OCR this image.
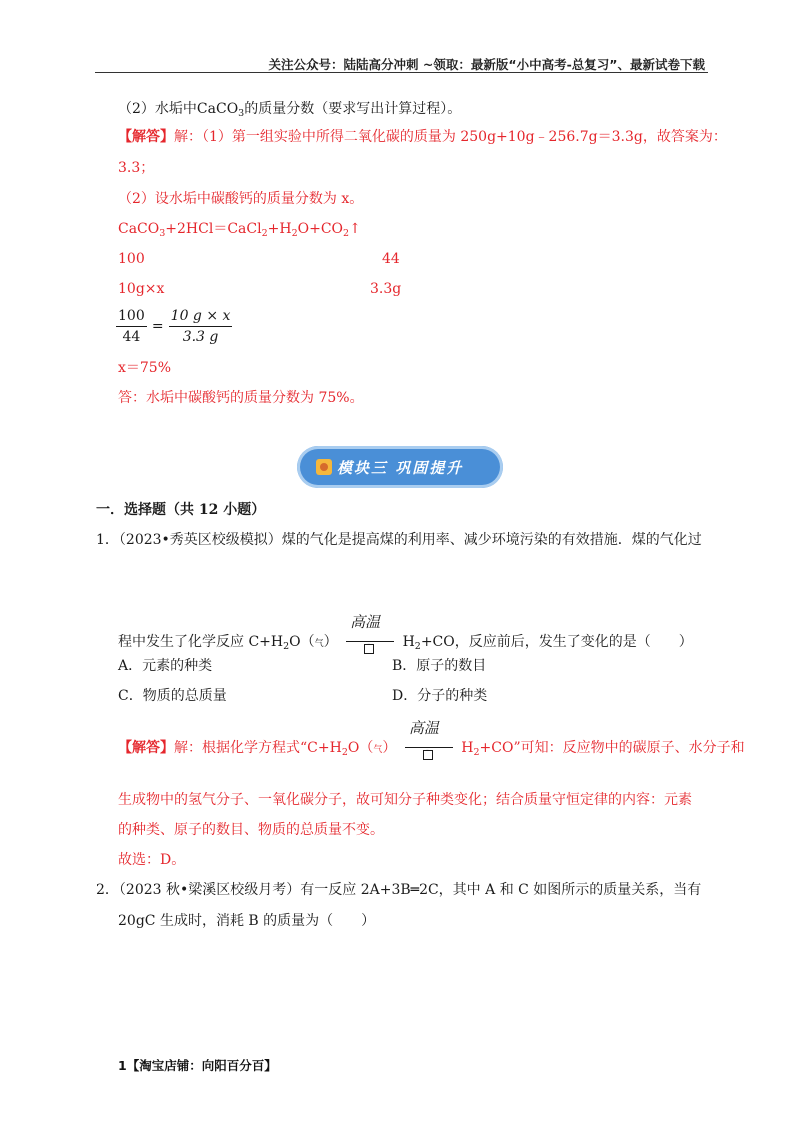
关注公众号：陆陆高分冲刺 ~领取：最新版“小中高考-总复习”、最新试卷下载
（2）水垢中CaCO$_3$的质量分数（要求写出计算过程）。
【解答】解：（1）第一组实验中所得二氧化碳的质量为 250g+10g﹣256.7g＝3.3g，故答案为：
3.3；
（2）设水垢中碳酸钙的质量分数为 x。
$CaCO_3+2HCl=CaCl_2+H_2O+CO_2↑$
100	44
10g×x	3.3g
$\frac{100}{44} = \frac{10 g \times x}{3.3 g}$
x＝75%
答：水垢中碳酸钙的质量分数为 75%。
模块三 巩固提升
一．选择题（共 12 小题）
1．（2023•秀英区校级模拟）煤的气化是提高煤的利用率、减少环境污染的有效措施．煤的气化过
程中发生了化学反应 $C+H_2O$（气）
高温
- $H_2+CO$，反应前后，发生了变化的是（　　）
A．元素的种类	B．原子的数目
C．物质的总质量	D．分子的种类
【解答】解：根据化学方程式“$C+H_2O$（气）
高温
- $H_2+CO$”可知：反应物中的碳原子、水分子和
生成物中的氢气分子、一氧化碳分子，故可知分子种类变化；结合质量守恒定律的内容：元素
的种类、原子的数目、物质的总质量不变。
故选：D。
2．（2023 秋•梁溪区校级月考）有一反应 2A+3B═2C，其中 A 和 C 如图所示的质量关系，当有
20gC 生成时，消耗 B 的质量为（　　）
1【淘宝店铺：向阳百分百】
